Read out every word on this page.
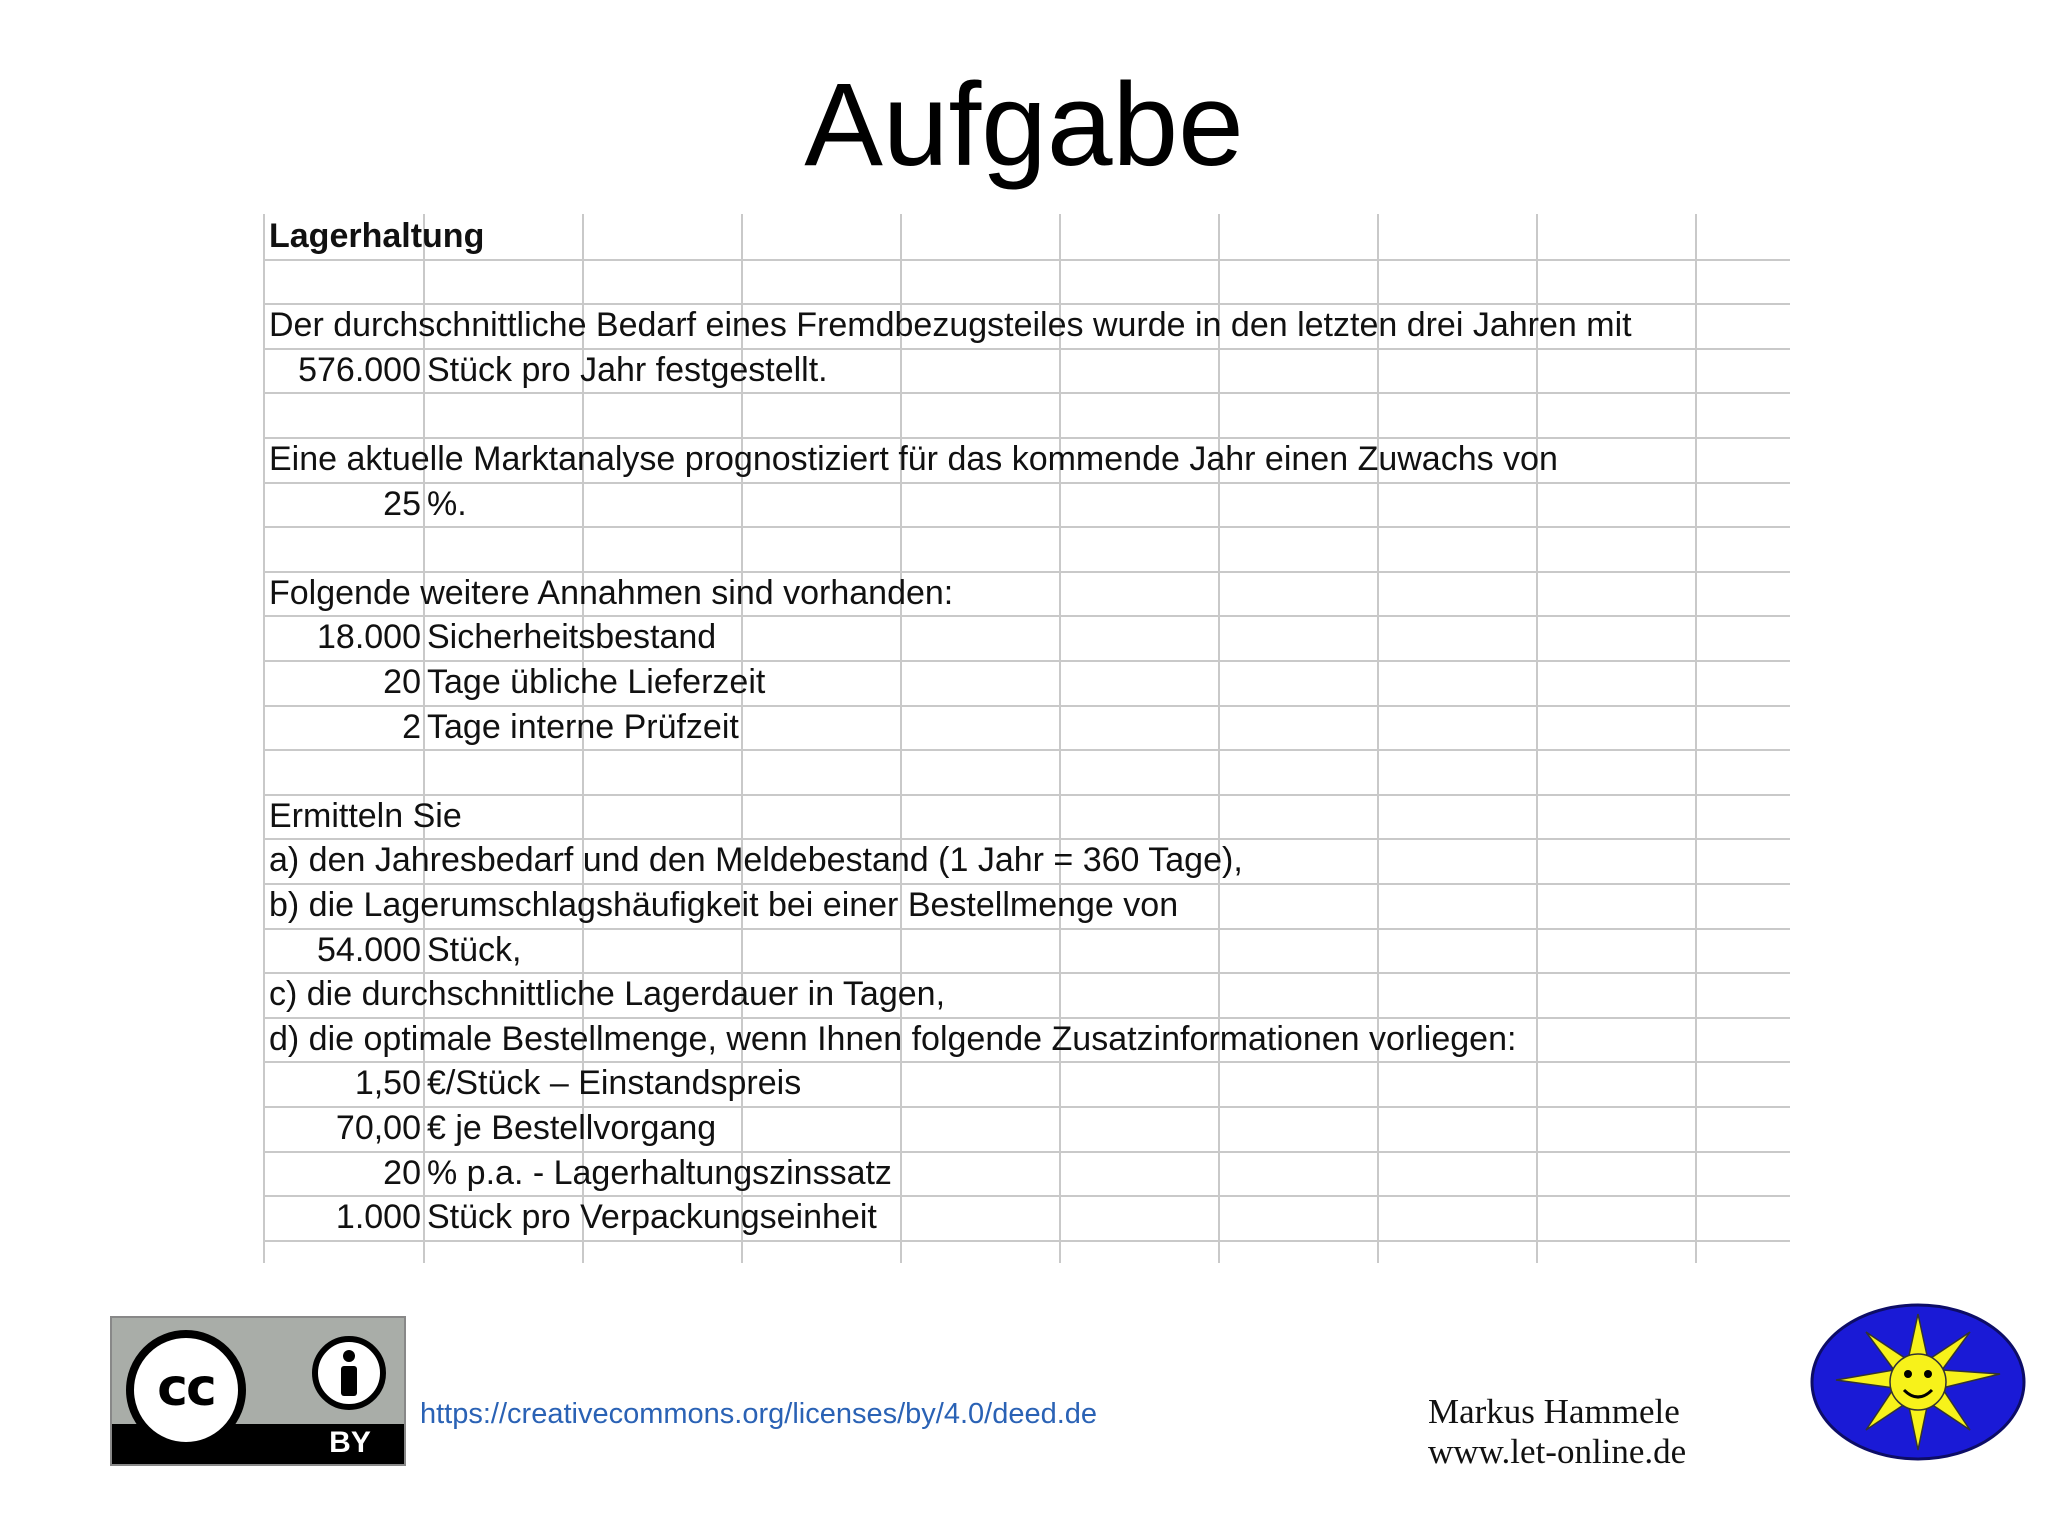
Aufgabe
Lagerhaltung
Der durchschnittliche Bedarf eines Fremdbezugsteiles wurde in den letzten drei Jahren mit
576.000 Stück pro Jahr festgestellt.
Eine aktuelle Marktanalyse prognostiziert für das kommende Jahr einen Zuwachs von
25 %.
Folgende weitere Annahmen sind vorhanden:
18.000 Sicherheitsbestand
20 Tage übliche Lieferzeit
2 Tage interne Prüfzeit
Ermitteln Sie
a) den Jahresbedarf und den Meldebestand (1 Jahr = 360 Tage),
b) die Lagerumschlagshäufigkeit bei einer Bestellmenge von
54.000 Stück,
c) die durchschnittliche Lagerdauer in Tagen,
d) die optimale Bestellmenge, wenn Ihnen folgende Zusatzinformationen vorliegen:
1,50 €/Stück – Einstandspreis
70,00 € je Bestellvorgang
20 % p.a. - Lagerhaltungszinssatz
1.000 Stück pro Verpackungseinheit
cc
BY
https://creativecommons.org/licenses/by/4.0/deed.de	Markus Hammele
www.let-online.de
